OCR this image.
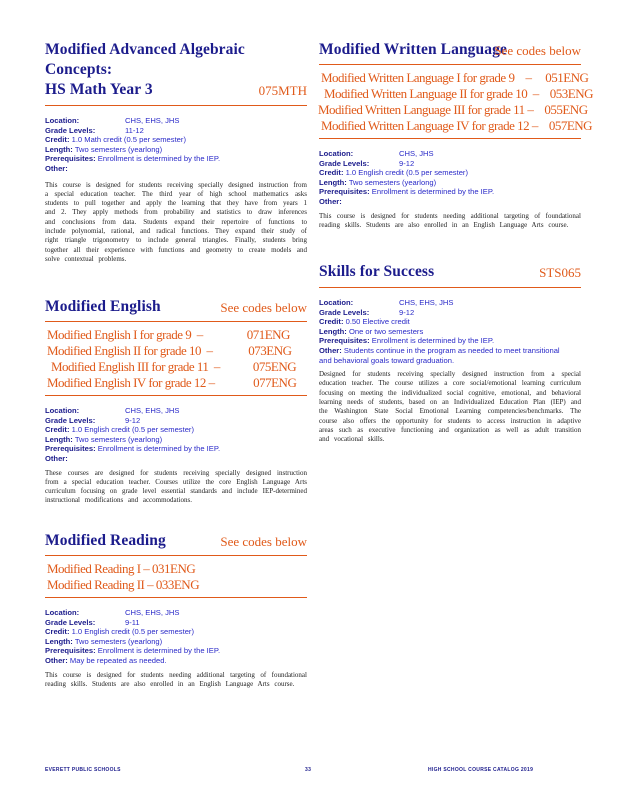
Modified Advanced Algebraic Concepts:
HS Math Year 3	075MTH
Location:	CHS, EHS, JHS
Grade Levels:	11-12
Credit: 1.0 Math credit (0.5 per semester)
Length: Two semesters (yearlong)
Prerequisites: Enrollment is determined by the IEP.
Other:
This course is designed for students receiving specially designed instruction from a special education teacher. The third year of high school mathematics asks students to pull together and apply the learning that they have from years 1 and 2. They apply methods from probability and statistics to draw inferences and conclusions from data. Students expand their repertoire of functions to include polynomial, rational, and radical functions. They expand their study of right triangle trigonometry to include general triangles. Finally, students bring together all their experience with functions and geometry to create models and solve contextual problems.
Modified English	See codes below
Modified English I for grade 9  –                071ENG
Modified English II for grade 10  –             073ENG
Modified English III for grade 11  –            075ENG
Modified English IV for grade 12 –              077ENG
Location:	CHS, EHS, JHS
Grade Levels:	9-12
Credit: 1.0 English credit (0.5 per semester)
Length: Two semesters (yearlong)
Prerequisites: Enrollment is determined by the IEP.
Other:
These courses are designed for students receiving specially designed instruction from a special education teacher. Courses utilize the core English Language Arts curriculum focusing on grade level essential standards and include IEP-determined instructional modifications and accommodations.
Modified Reading	See codes below
Modified Reading I – 031ENG
Modified Reading II – 033ENG
Location:	CHS, EHS, JHS
Grade Levels:	9-11
Credit: 1.0 English credit (0.5 per semester)
Length: Two semesters (yearlong)
Prerequisites: Enrollment is determined by the IEP.
Other: May be repeated as needed.
This course is designed for students needing additional targeting of foundational reading skills. Students are also enrolled in an English Language Arts course.
Modified Written Language
See codes below
Modified Written Language I for grade 9    –     051ENG
Modified Written Language II for grade 10  –    053ENG
Modified Written Language III for grade 11 –    055ENG
Modified Written Language IV for grade 12 –    057ENG
Location:	CHS, JHS
Grade Levels:	9-12
Credit: 1.0 English credit (0.5 per semester)
Length: Two semesters (yearlong)
Prerequisites: Enrollment is determined by the IEP.
Other:
This course is designed for students needing additional targeting of foundational reading skills. Students are also enrolled in an English Language Arts course.
Skills for Success	STS065
Location:	CHS, EHS, JHS
Grade Levels:	9-12
Credit: 0.50 Elective credit
Length: One or two semesters
Prerequisites: Enrollment is determined by the IEP.
Other: Students continue in the program as needed to meet transitional and behavioral goals toward graduation.
Designed for students receiving specially designed instruction from a special education teacher. The course utilizes a core social/emotional learning curriculum focusing on meeting the individualized social cognitive, emotional, and behavioral learning needs of students, based on an Individualized Education Plan (IEP) and the Washington State Social Emotional Learning competencies/benchmarks. The course also offers the opportunity for students to access instruction in adaptive areas such as executive functioning and organization as well as adult transition and vocational skills.
EVERETT PUBLIC SCHOOLS	33	HIGH SCHOOL COURSE CATALOG 2019
